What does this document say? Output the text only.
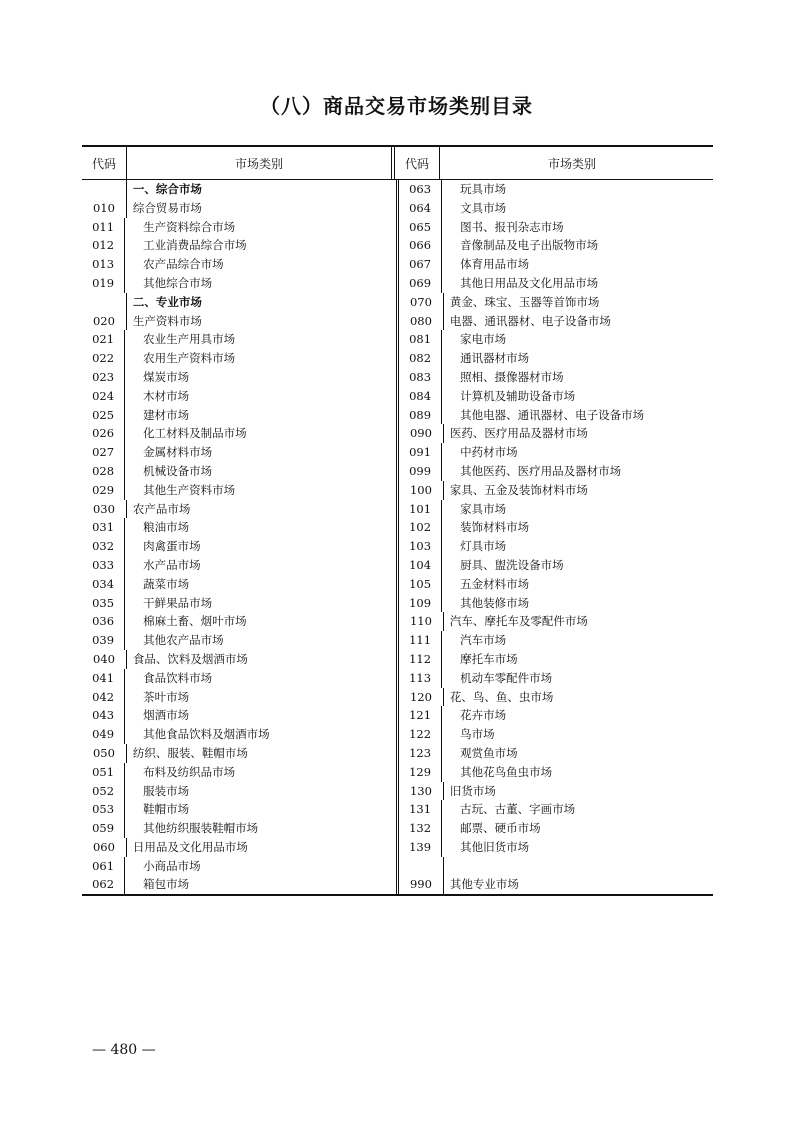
（八）商品交易市场类别目录
代码	市场类别	代码	市场类别
一、综合市场
010	综合贸易市场
011	生产资料综合市场
012	工业消费品综合市场
013	农产品综合市场
019	其他综合市场
二、专业市场
020	生产资料市场
021	农业生产用具市场
022	农用生产资料市场
023	煤炭市场
024	木材市场
025	建材市场
026	化工材料及制品市场
027	金属材料市场
028	机械设备市场
029	其他生产资料市场
030	农产品市场
031	粮油市场
032	肉禽蛋市场
033	水产品市场
034	蔬菜市场
035	干鲜果品市场
036	棉麻土畜、烟叶市场
039	其他农产品市场
040	食品、饮料及烟酒市场
041	食品饮料市场
042	茶叶市场
043	烟酒市场
049	其他食品饮料及烟酒市场
050	纺织、服装、鞋帽市场
051	布料及纺织品市场
052	服装市场
053	鞋帽市场
059	其他纺织服装鞋帽市场
060	日用品及文化用品市场
061	小商品市场
062	箱包市场
063	玩具市场
064	文具市场
065	图书、报刊杂志市场
066	音像制品及电子出版物市场
067	体育用品市场
069	其他日用品及文化用品市场
070	黄金、珠宝、玉器等首饰市场
080	电器、通讯器材、电子设备市场
081	家电市场
082	通讯器材市场
083	照相、摄像器材市场
084	计算机及辅助设备市场
089	其他电器、通讯器材、电子设备市场
090	医药、医疗用品及器材市场
091	中药材市场
099	其他医药、医疗用品及器材市场
100	家具、五金及装饰材料市场
101	家具市场
102	装饰材料市场
103	灯具市场
104	厨具、盥洗设备市场
105	五金材料市场
109	其他装修市场
110	汽车、摩托车及零配件市场
111	汽车市场
112	摩托车市场
113	机动车零配件市场
120	花、鸟、鱼、虫市场
121	花卉市场
122	鸟市场
123	观赏鱼市场
129	其他花鸟鱼虫市场
130	旧货市场
131	古玩、古董、字画市场
132	邮票、硬币市场
139	其他旧货市场
990	其他专业市场
— 480 —
